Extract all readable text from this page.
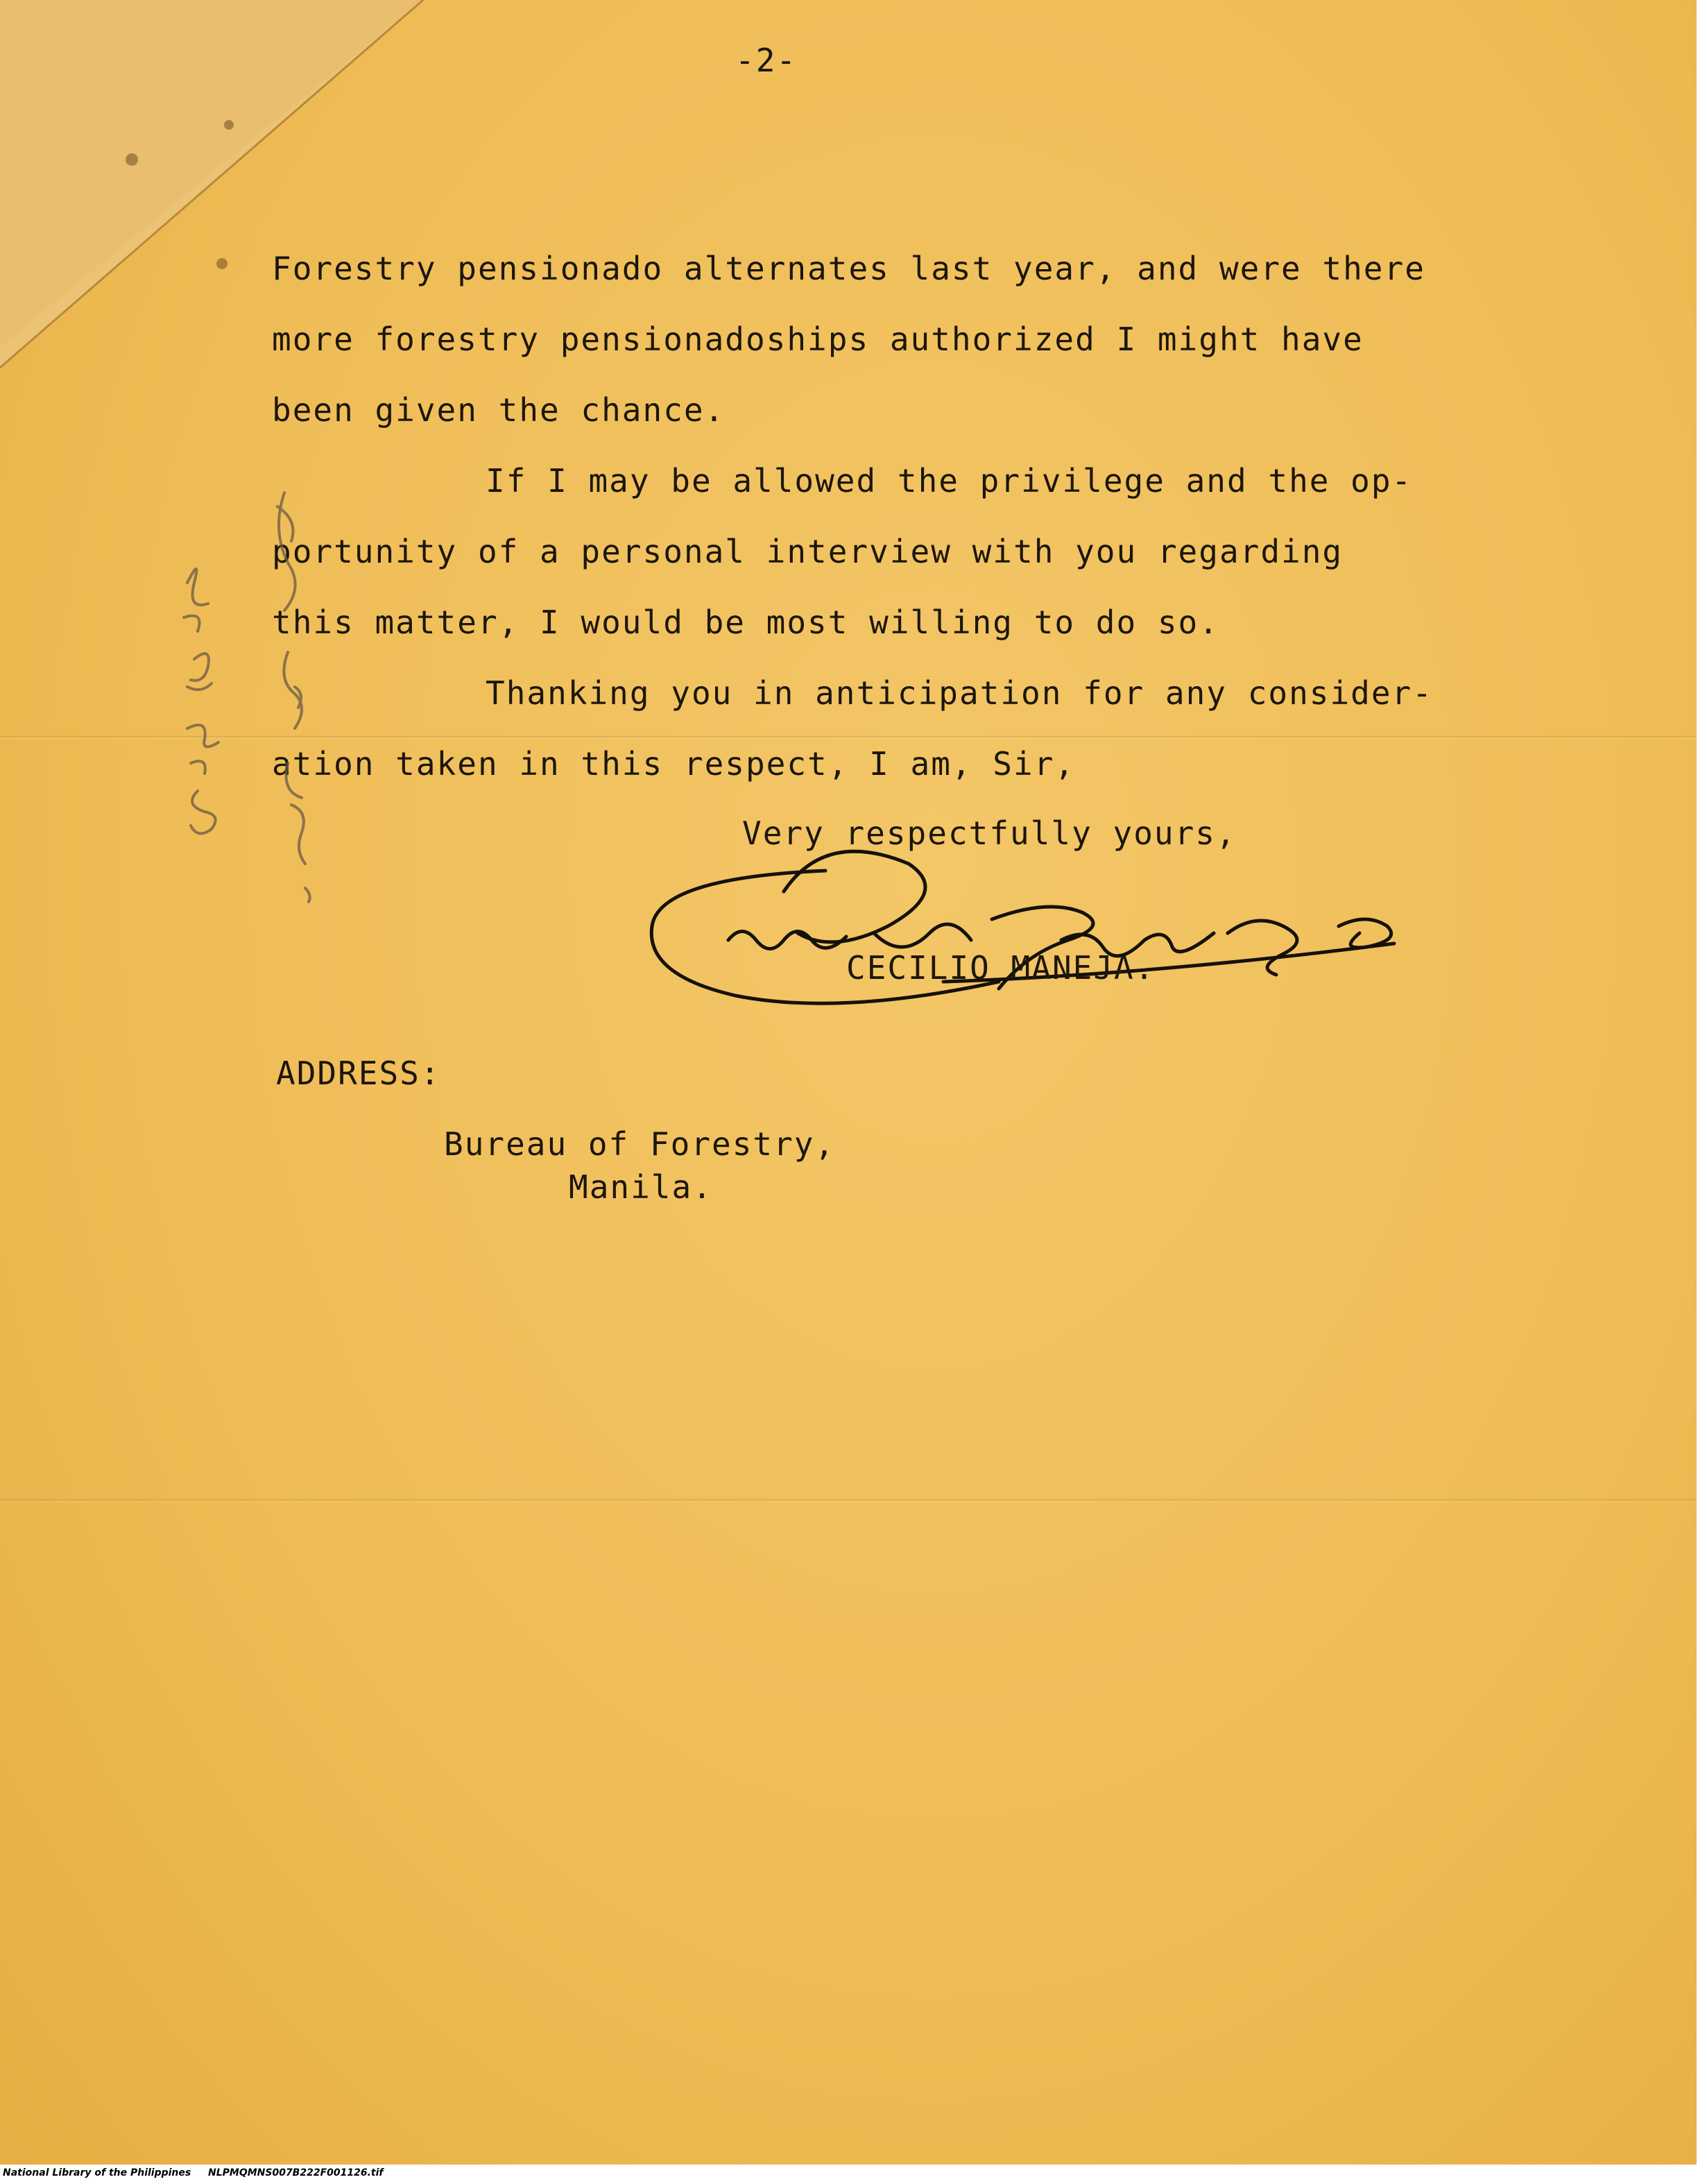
-2-
Forestry pensionado alternates last year, and were there
more forestry pensionadoships authorized I might have
been given the chance.
If I may be allowed the privilege and the op-
portunity of a personal interview with you regarding
this matter, I would be most willing to do so.
Thanking you in anticipation for any consider-
ation taken in this respect, I am, Sir,
Very respectfully yours,
CECILIO MANEJA.
ADDRESS:
Bureau of Forestry,
Manila.
National Library of the Philippines NLPMQMNS007B222F001126.tif
